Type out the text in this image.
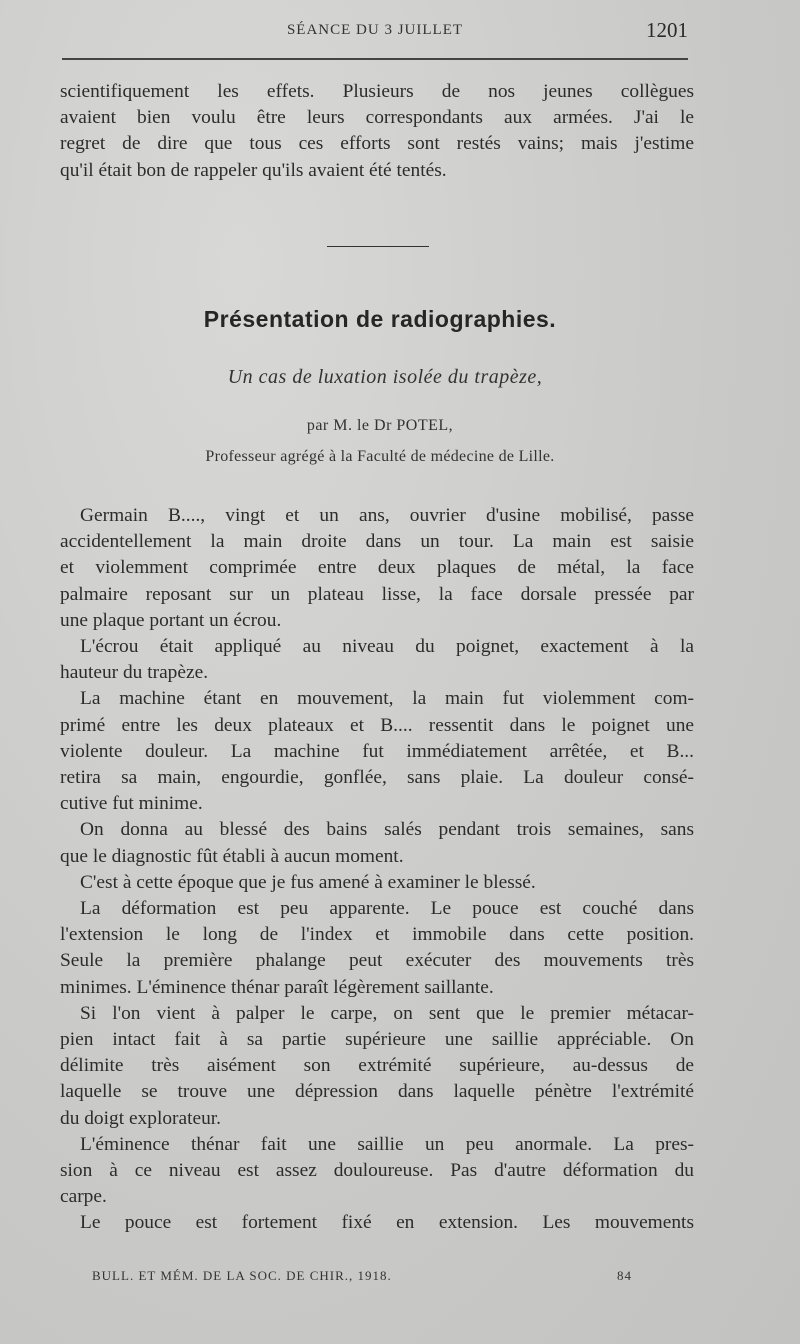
SÉANCE DU 3 JUILLET	1201
scientifiquement les effets. Plusieurs de nos jeunes collègues
avaient bien voulu être leurs correspondants aux armées. J'ai le
regret de dire que tous ces efforts sont restés vains; mais j'estime
qu'il était bon de rappeler qu'ils avaient été tentés.
Présentation de radiographies.
Un cas de luxation isolée du trapèze,
par M. le Dr POTEL,
Professeur agrégé à la Faculté de médecine de Lille.
Germain B...., vingt et un ans, ouvrier d'usine mobilisé, passe
accidentellement la main droite dans un tour. La main est saisie
et violemment comprimée entre deux plaques de métal, la face
palmaire reposant sur un plateau lisse, la face dorsale pressée par
une plaque portant un écrou.
L'écrou était appliqué au niveau du poignet, exactement à la
hauteur du trapèze.
La machine étant en mouvement, la main fut violemment com-
primé entre les deux plateaux et B.... ressentit dans le poignet une
violente douleur. La machine fut immédiatement arrêtée, et B...
retira sa main, engourdie, gonflée, sans plaie. La douleur consé-
cutive fut minime.
On donna au blessé des bains salés pendant trois semaines, sans
que le diagnostic fût établi à aucun moment.
C'est à cette époque que je fus amené à examiner le blessé.
La déformation est peu apparente. Le pouce est couché dans
l'extension le long de l'index et immobile dans cette position.
Seule la première phalange peut exécuter des mouvements très
minimes. L'éminence thénar paraît légèrement saillante.
Si l'on vient à palper le carpe, on sent que le premier métacar-
pien intact fait à sa partie supérieure une saillie appréciable. On
délimite très aisément son extrémité supérieure, au-dessus de
laquelle se trouve une dépression dans laquelle pénètre l'extrémité
du doigt explorateur.
L'éminence thénar fait une saillie un peu anormale. La pres-
sion à ce niveau est assez douloureuse. Pas d'autre déformation du
carpe.
Le pouce est fortement fixé en extension. Les mouvements
BULL. ET MÉM. DE LA SOC. DE CHIR., 1918.	84
